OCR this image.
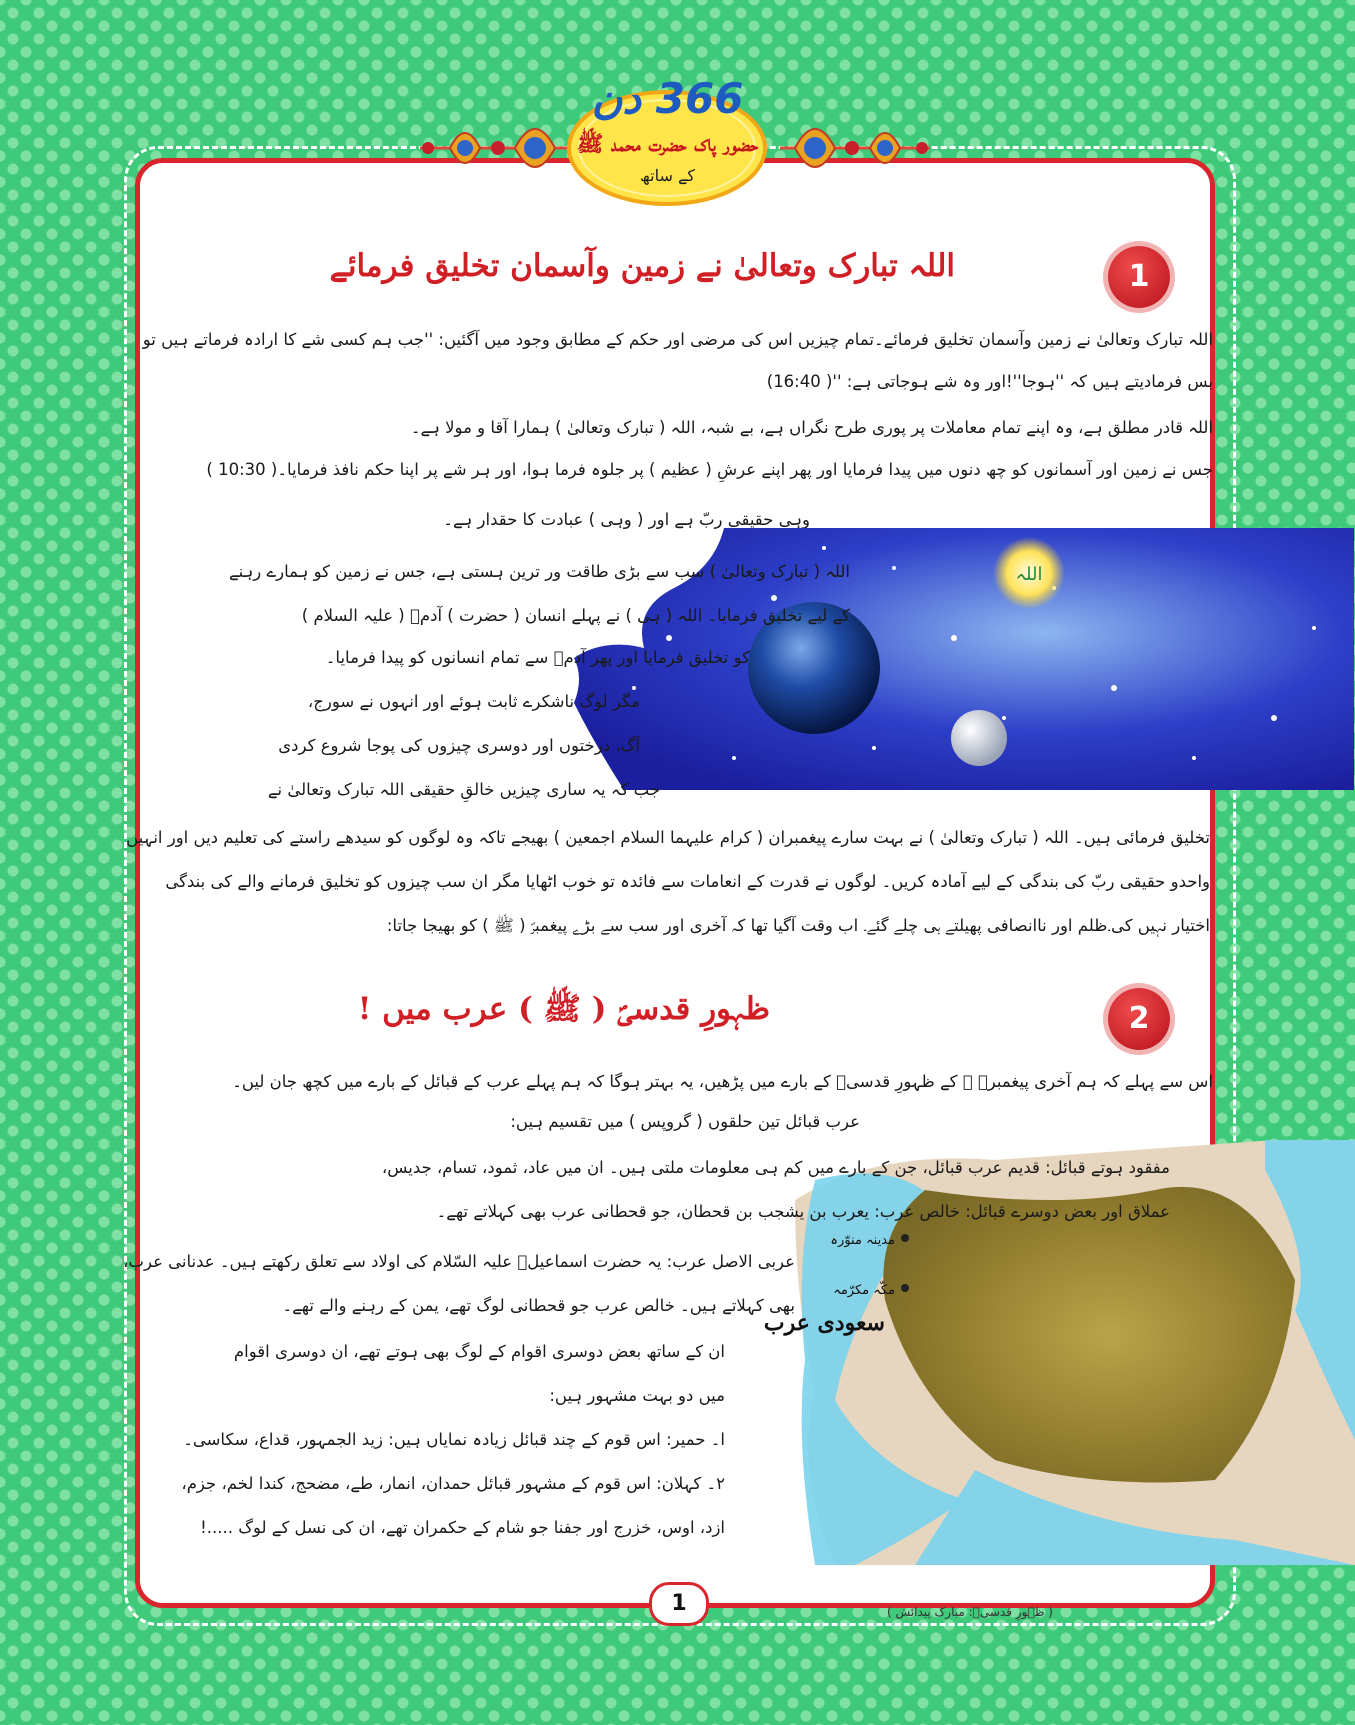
366 دن
حضور پاک حضرت محمد ﷺ
کے ساتھ
1
اللہ تبارک وتعالیٰ نے زمین وآسمان تخلیق فرمائے
اللہ تبارک وتعالیٰ نے زمین وآسمان تخلیق فرمائے۔تمام چیزیں اس کی مرضی اور حکم کے مطابق وجود میں آگئیں: ''جب ہم کسی شے کا ارادہ فرماتے ہیں تو
بس فرمادیتے ہیں کہ ''ہوجا''!اور وہ شے ہوجاتی ہے: ''( 16:40)
اللہ قادر مطلق ہے، وہ اپنے تمام معاملات پر پوری طرح نگراں ہے، بے شبہ، اللہ ( تبارک وتعالیٰ ) ہمارا آقا و مولا ہے۔
جس نے زمین اور آسمانوں کو چھ دنوں میں پیدا فرمایا اور پھر اپنے عرشِ ( عظیم ) پر جلوہ فرما ہوا، اور ہر شے پر اپنا حکم نافذ فرمایا۔( 10:30 )
وہی حقیقی ربّ ہے اور ( وہی ) عبادت کا حقدار ہے۔
اللہ
اللہ ( تبارک وتعالیٰ ) سب سے بڑی طاقت ور ترین ہستی ہے، جس نے زمین کو ہمارے رہنے
کے لیے تخلیق فرمایا۔ اللہ ( ہی ) نے پہلے انسان ( حضرت ) آدمؑ ( علیہ السلام )
کو تخلیق فرمایا اور پھر آدمؑ سے تمام انسانوں کو پیدا فرمایا۔
مگر لوگ ناشکرے ثابت ہوئے اور انہوں نے سورج،
آگ، درختوں اور دوسری چیزوں کی پوجا شروع کردی
جب کہ یہ ساری چیزیں خالقِ حقیقی اللہ تبارک وتعالیٰ نے
تخلیق فرمائی ہیں۔ اللہ ( تبارک وتعالیٰ ) نے بہت سارے پیغمبران ( کرام علیہما السلام اجمعین ) بھیجے تاکہ وہ لوگوں کو سیدھے راستے کی تعلیم دیں اور انہیں
واحدو حقیقی ربّ کی بندگی کے لیے آمادہ کریں۔ لوگوں نے قدرت کے انعامات سے فائدہ تو خوب اٹھایا مگر ان سب چیزوں کو تخلیق فرمانے والے کی بندگی
اختیار نہیں کی۔ظلم اور ناانصافی پھیلتے ہی چلے گئے۔ اب وقت آگیا تھا کہ آخری اور سب سے بڑے پیغمبرؐ ( ﷺ ) کو بھیجا جاتا:
2
ظہورِ قدسیؐ ( ﷺ ) عرب میں !
اس سے پہلے کہ ہم آخری پیغمبرؐ ﷺ کے ظہورِ قدسیؐ کے بارے میں پڑھیں، یہ بہتر ہوگا کہ ہم پہلے عرب کے قبائل کے بارے میں کچھ جان لیں۔
عرب قبائل تین حلقوں ( گروپس ) میں تقسیم ہیں:
مدینہ منوّرہ
مکّہ مکرّمہ
سعودی عرب
مفقود ہوتے قبائل: قدیم عرب قبائل، جن کے بارے میں کم ہی معلومات ملتی ہیں۔ ان میں عاد، ثمود، تسام، جدیس،
عملاق اور بعض دوسرے قبائل: خالص عرب: یعرب بن یشجب بن قحطان، جو قحطانی عرب بھی کہلاتے تھے۔
عربی الاصل عرب: یہ حضرت اسماعیلؑ علیہ السّلام کی اولاد سے تعلق رکھتے ہیں۔ عدنانی عرب،
بھی کہلاتے ہیں۔ خالص عرب جو قحطانی لوگ تھے، یمن کے رہنے والے تھے۔
ان کے ساتھ بعض دوسری اقوام کے لوگ بھی ہوتے تھے، ان دوسری اقوام
میں دو بہت مشہور ہیں:
ا۔ حمیر: اس قوم کے چند قبائل زیادہ نمایاں ہیں: زید الجمہور، قداع، سکاسی۔
۲۔ کہلان: اس قوم کے مشہور قبائل حمدان، انمار، طے، مضحج، کندا لخم، جزم،
ازد، اوس، خزرج اور جفنا جو شام کے حکمران تھے، ان کی نسل کے لوگ .....!
( ظہورِ قدسیؐ: مبارک پیدائش )
1
